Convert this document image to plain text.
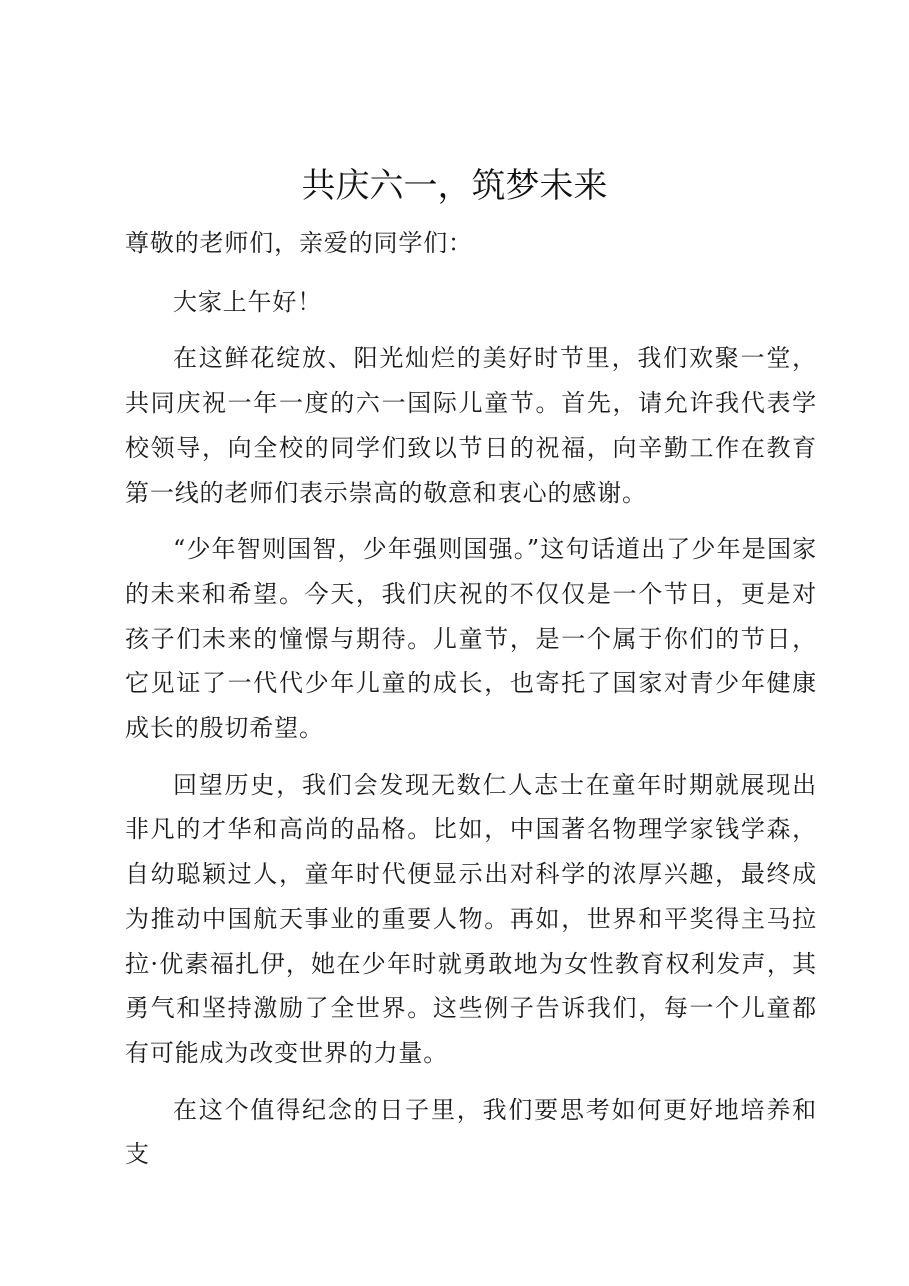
共庆六一，筑梦未来

尊敬的老师们，亲爱的同学们：

大家上午好！

在这鲜花绽放、阳光灿烂的美好时节里，我们欢聚一堂，共同庆祝一年一度的六一国际儿童节。首先，请允许我代表学校领导，向全校的同学们致以节日的祝福，向辛勤工作在教育第一线的老师们表示崇高的敬意和衷心的感谢。

“少年智则国智，少年强则国强。”这句话道出了少年是国家的未来和希望。今天，我们庆祝的不仅仅是一个节日，更是对孩子们未来的憧憬与期待。儿童节，是一个属于你们的节日，它见证了一代代少年儿童的成长，也寄托了国家对青少年健康成长的殷切希望。

回望历史，我们会发现无数仁人志士在童年时期就展现出非凡的才华和高尚的品格。比如，中国著名物理学家钱学森，自幼聪颖过人，童年时代便显示出对科学的浓厚兴趣，最终成为推动中国航天事业的重要人物。再如，世界和平奖得主马拉拉·优素福扎伊，她在少年时就勇敢地为女性教育权利发声，其勇气和坚持激励了全世界。这些例子告诉我们，每一个儿童都有可能成为改变世界的力量。

在这个值得纪念的日子里，我们要思考如何更好地培养和支
